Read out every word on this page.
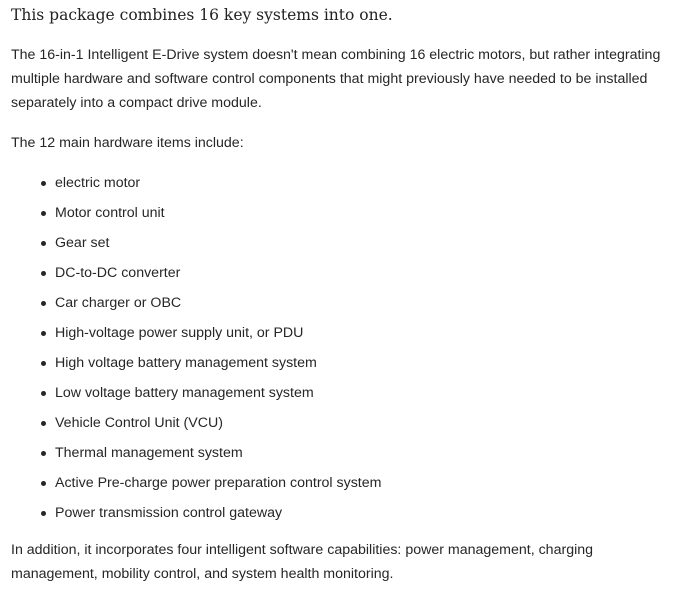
This package combines 16 key systems into one.

The 16-in-1 Intelligent E-Drive system doesn't mean combining 16 electric motors, but rather integrating multiple hardware and software control components that might previously have needed to be installed separately into a compact drive module.

The 12 main hardware items include:

electric motor
Motor control unit
Gear set
DC-to-DC converter
Car charger or OBC
High-voltage power supply unit, or PDU
High voltage battery management system
Low voltage battery management system
Vehicle Control Unit (VCU)
Thermal management system
Active Pre-charge power preparation control system
Power transmission control gateway

In addition, it incorporates four intelligent software capabilities: power management, charging management, mobility control, and system health monitoring.
